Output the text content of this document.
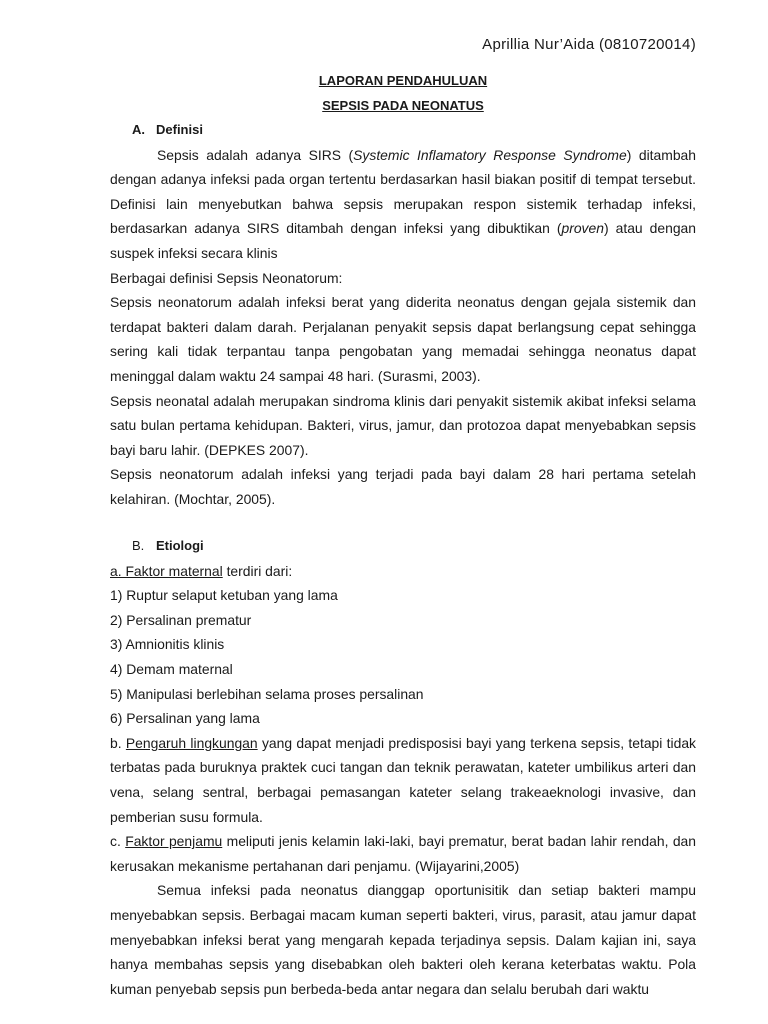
Aprillia Nur’Aida (0810720014)
LAPORAN PENDAHULUAN
SEPSIS PADA NEONATUS
A. Definisi

Sepsis adalah adanya SIRS (Systemic Inflamatory Response Syndrome) ditambah dengan adanya infeksi pada organ tertentu berdasarkan hasil biakan positif di tempat tersebut. Definisi lain menyebutkan bahwa sepsis merupakan respon sistemik terhadap infeksi, berdasarkan adanya SIRS ditambah dengan infeksi yang dibuktikan (proven) atau dengan suspek infeksi secara klinis

Berbagai definisi Sepsis Neonatorum:

Sepsis neonatorum adalah infeksi berat yang diderita neonatus dengan gejala sistemik dan terdapat bakteri dalam darah. Perjalanan penyakit sepsis dapat berlangsung cepat sehingga sering kali tidak terpantau tanpa pengobatan yang memadai sehingga neonatus dapat meninggal dalam waktu 24 sampai 48 hari. (Surasmi, 2003).

Sepsis neonatal adalah merupakan sindroma klinis dari penyakit sistemik akibat infeksi selama satu bulan pertama kehidupan. Bakteri, virus, jamur, dan protozoa dapat menyebabkan sepsis bayi baru lahir. (DEPKES 2007).

Sepsis neonatorum adalah infeksi yang terjadi pada bayi dalam 28 hari pertama setelah kelahiran. (Mochtar, 2005).

B. Etiologi

a. Faktor maternal terdiri dari:

1) Ruptur selaput ketuban yang lama

2) Persalinan prematur

3) Amnionitis klinis

4) Demam maternal

5) Manipulasi berlebihan selama proses persalinan

6) Persalinan yang lama

b. Pengaruh lingkungan yang dapat menjadi predisposisi bayi yang terkena sepsis, tetapi tidak terbatas pada buruknya praktek cuci tangan dan teknik perawatan, kateter umbilikus arteri dan vena, selang sentral, berbagai pemasangan kateter selang trakeaeknologi invasive, dan pemberian susu formula.

c. Faktor penjamu meliputi jenis kelamin laki-laki, bayi prematur, berat badan lahir rendah, dan kerusakan mekanisme pertahanan dari penjamu. (Wijayarini,2005)

Semua infeksi pada neonatus dianggap oportunisitik dan setiap bakteri mampu menyebabkan sepsis. Berbagai macam kuman seperti bakteri, virus, parasit, atau jamur dapat menyebabkan infeksi berat yang mengarah kepada terjadinya sepsis. Dalam kajian ini, saya hanya membahas sepsis yang disebabkan oleh bakteri oleh kerana keterbatas waktu. Pola kuman penyebab sepsis pun berbeda-beda antar negara dan selalu berubah dari waktu
